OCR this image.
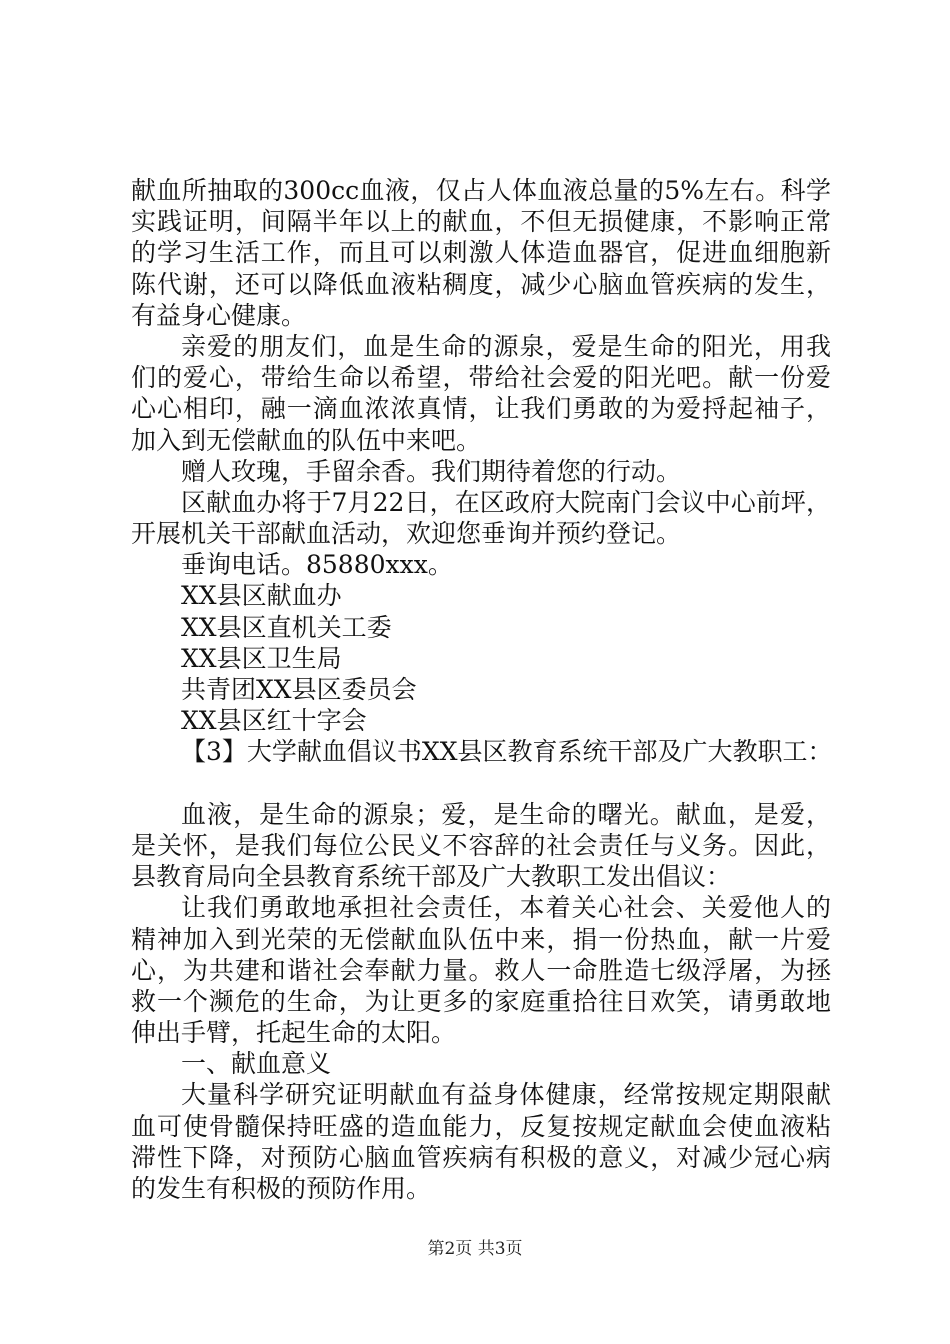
献血所抽取的300cc血液，仅占人体血液总量的5%左右。科学
实践证明，间隔半年以上的献血，不但无损健康，不影响正常
的学习生活工作，而且可以刺激人体造血器官，促进血细胞新
陈代谢，还可以降低血液粘稠度，减少心脑血管疾病的发生，
有益身心健康。
亲爱的朋友们，血是生命的源泉，爱是生命的阳光，用我
们的爱心，带给生命以希望，带给社会爱的阳光吧。献一份爱
心心相印，融一滴血浓浓真情，让我们勇敢的为爱捋起袖子，
加入到无偿献血的队伍中来吧。
赠人玫瑰，手留余香。我们期待着您的行动。
区献血办将于7月22日，在区政府大院南门会议中心前坪，
开展机关干部献血活动，欢迎您垂询并预约登记。
垂询电话。85880xxx。
XX县区献血办
XX县区直机关工委
XX县区卫生局
共青团XX县区委员会
XX县区红十字会
【3】大学献血倡议书XX县区教育系统干部及广大教职工：
血液，是生命的源泉；爱，是生命的曙光。献血，是爱，
是关怀，是我们每位公民义不容辞的社会责任与义务。因此，
县教育局向全县教育系统干部及广大教职工发出倡议：
让我们勇敢地承担社会责任，本着关心社会、关爱他人的
精神加入到光荣的无偿献血队伍中来，捐一份热血，献一片爱
心，为共建和谐社会奉献力量。救人一命胜造七级浮屠，为拯
救一个濒危的生命，为让更多的家庭重拾往日欢笑，请勇敢地
伸出手臂，托起生命的太阳。
一、献血意义
大量科学研究证明献血有益身体健康，经常按规定期限献
血可使骨髓保持旺盛的造血能力，反复按规定献血会使血液粘
滞性下降，对预防心脑血管疾病有积极的意义，对减少冠心病
的发生有积极的预防作用。
第2页 共3页
